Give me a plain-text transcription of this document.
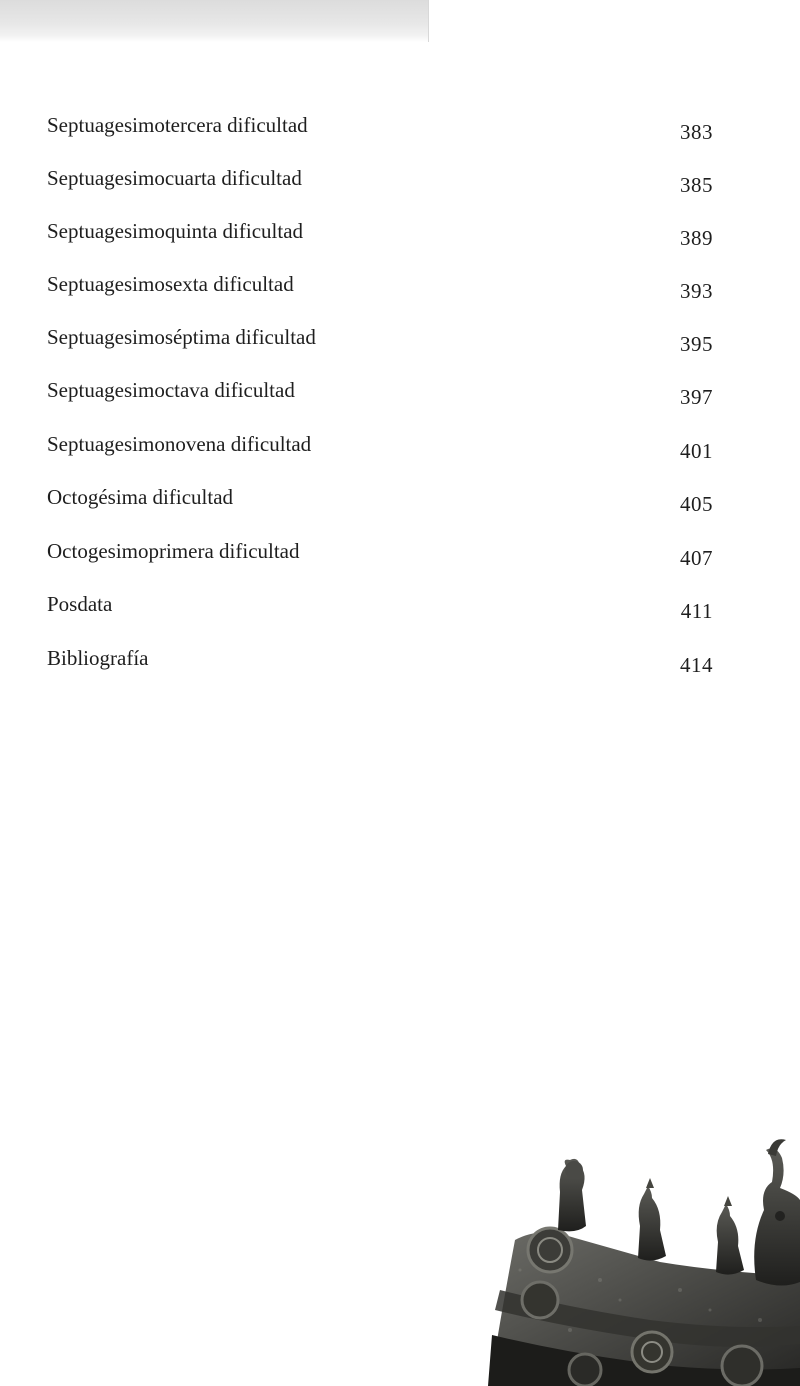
Septuagesimotercera dificultad	383
Septuagesimocuarta dificultad	385
Septuagesimoquinta dificultad	389
Septuagesimosexta dificultad	393
Septuagesimoséptima dificultad	395
Septuagesimoctava dificultad	397
Septuagesimonovena dificultad	401
Octogésima dificultad	405
Octogesimoprimera dificultad	407
Posdata	411
Bibliografía	414
